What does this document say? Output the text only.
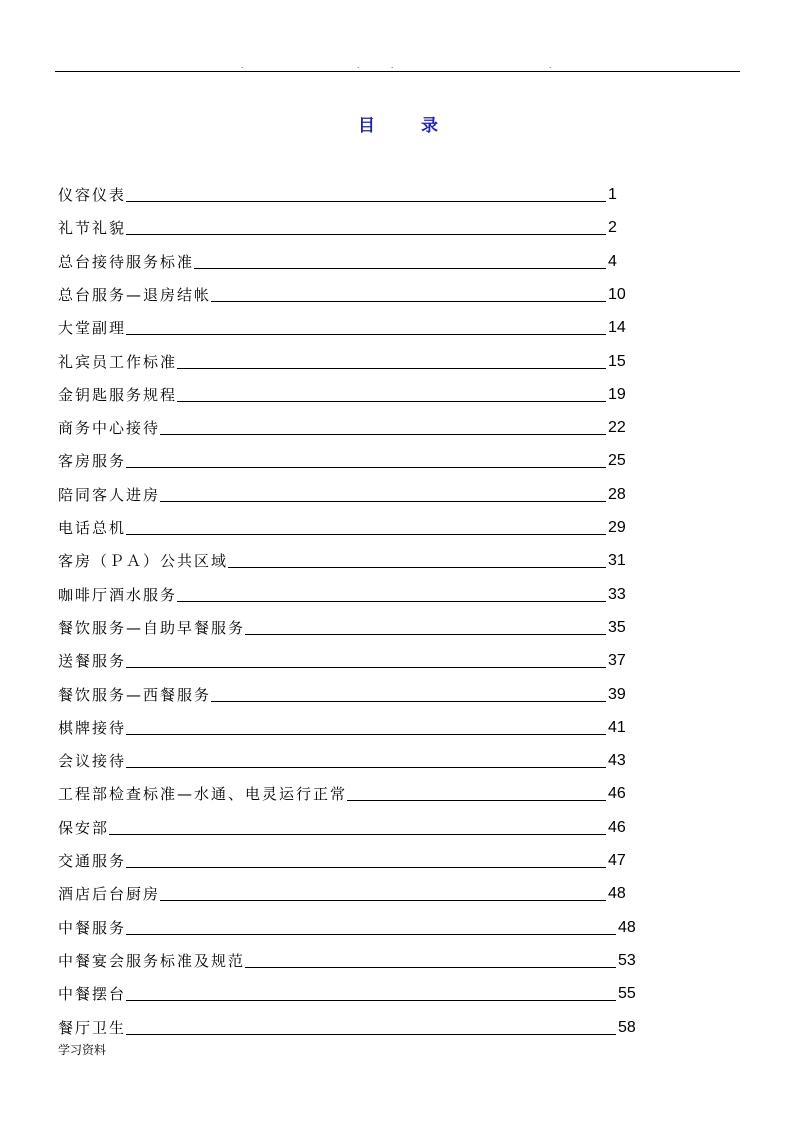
.	.	.	.
目	录
仪容仪表	1
礼节礼貌	2
总台接待服务标准	4
总台服务—退房结帐	10
大堂副理	14
礼宾员工作标准	15
金钥匙服务规程	19
商务中心接待	22
客房服务	25
陪同客人进房	28
电话总机	29
客房（ＰＡ）公共区域	31
咖啡厅酒水服务	33
餐饮服务—自助早餐服务	35
送餐服务	37
餐饮服务—西餐服务	39
棋牌接待	41
会议接待	43
工程部检查标准—水通、电灵运行正常	46
保安部	46
交通服务	47
酒店后台厨房	48
中餐服务	48
中餐宴会服务标准及规范	53
中餐摆台	55
餐厅卫生	58
学习资料
